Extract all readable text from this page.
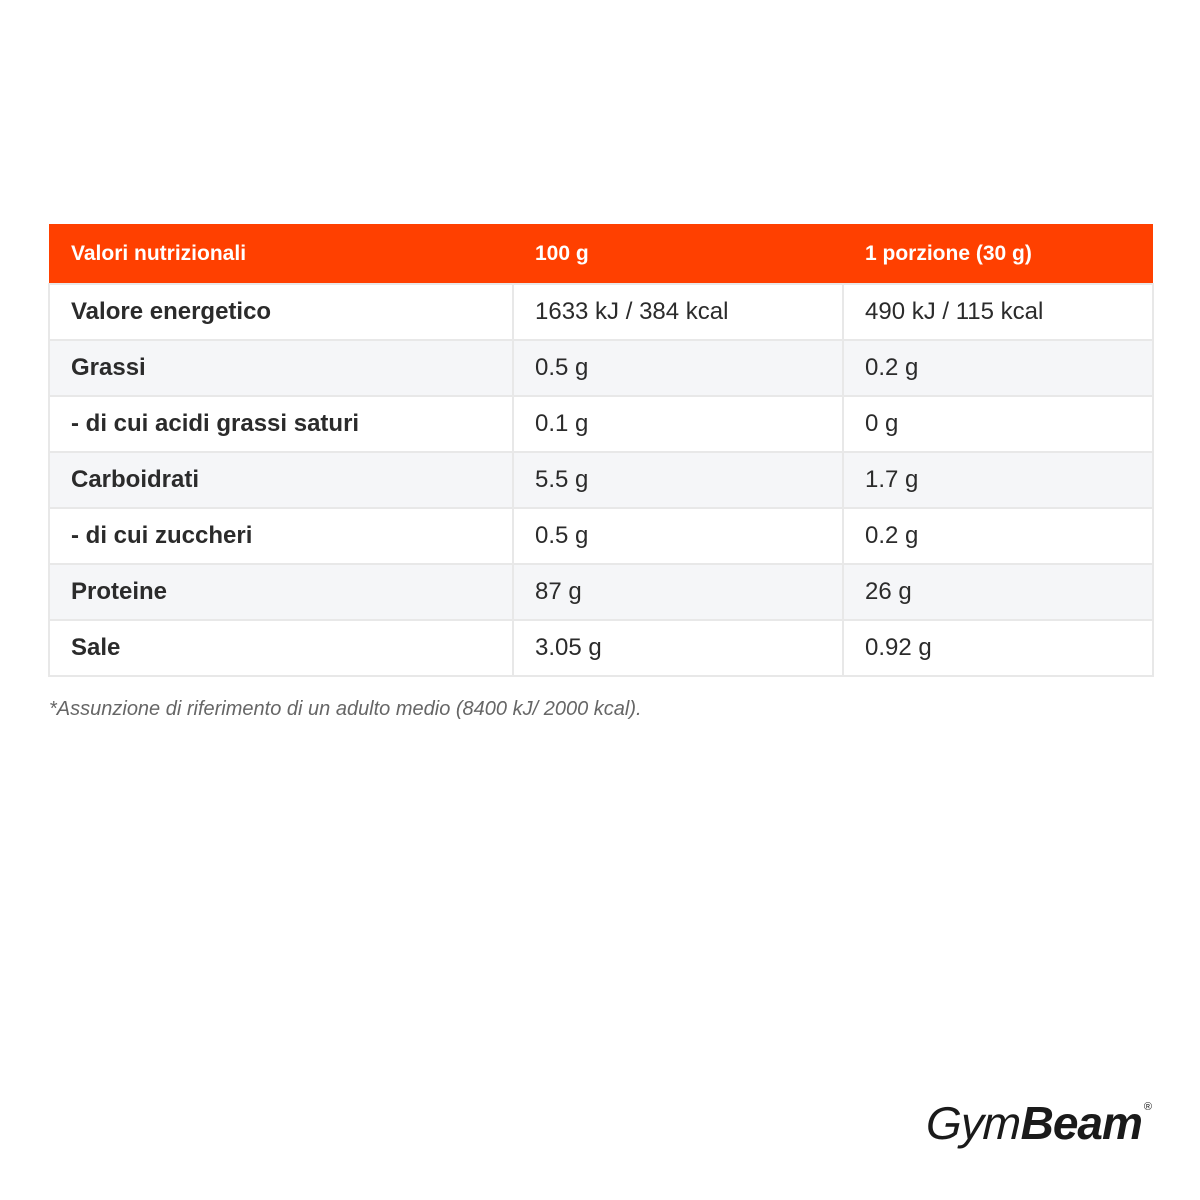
Valori nutrizionali	100 g	1 porzione (30 g)
Valore energetico	1633 kJ / 384 kcal	490 kJ / 115 kcal
Grassi	0.5 g	0.2 g
- di cui acidi grassi saturi	0.1 g	0 g
Carboidrati	5.5 g	1.7 g
- di cui zuccheri	0.5 g	0.2 g
Proteine	87 g	26 g
Sale	3.05 g	0.92 g
*Assunzione di riferimento di un adulto medio (8400 kJ/ 2000 kcal).
Gym Beam ®
